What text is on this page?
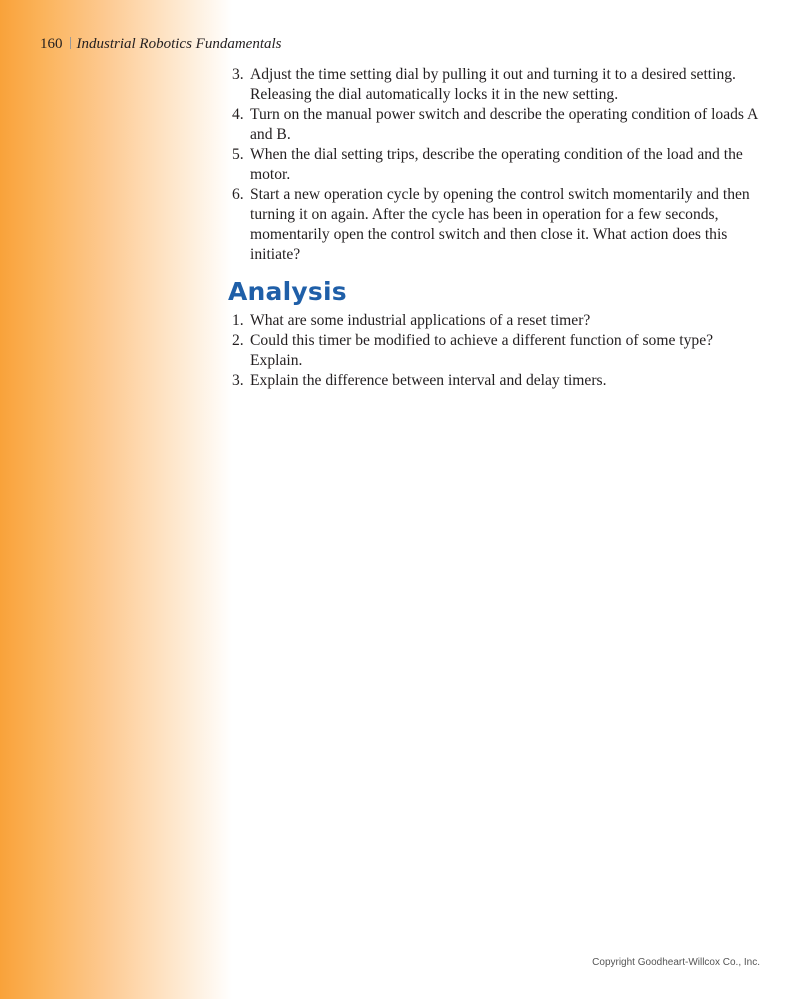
160 Industrial Robotics Fundamentals
3. Adjust the time setting dial by pulling it out and turning it to a desired setting. Releasing the dial automatically locks it in the new setting.
4. Turn on the manual power switch and describe the operating condition of loads A and B.
5. When the dial setting trips, describe the operating condition of the load and the motor.
6. Start a new operation cycle by opening the control switch momentarily and then turning it on again. After the cycle has been in operation for a few seconds, momentarily open the control switch and then close it. What action does this initiate?
Analysis
1. What are some industrial applications of a reset timer?
2. Could this timer be modified to achieve a different function of some type? Explain.
3. Explain the difference between interval and delay timers.
Copyright Goodheart-Willcox Co., Inc.
